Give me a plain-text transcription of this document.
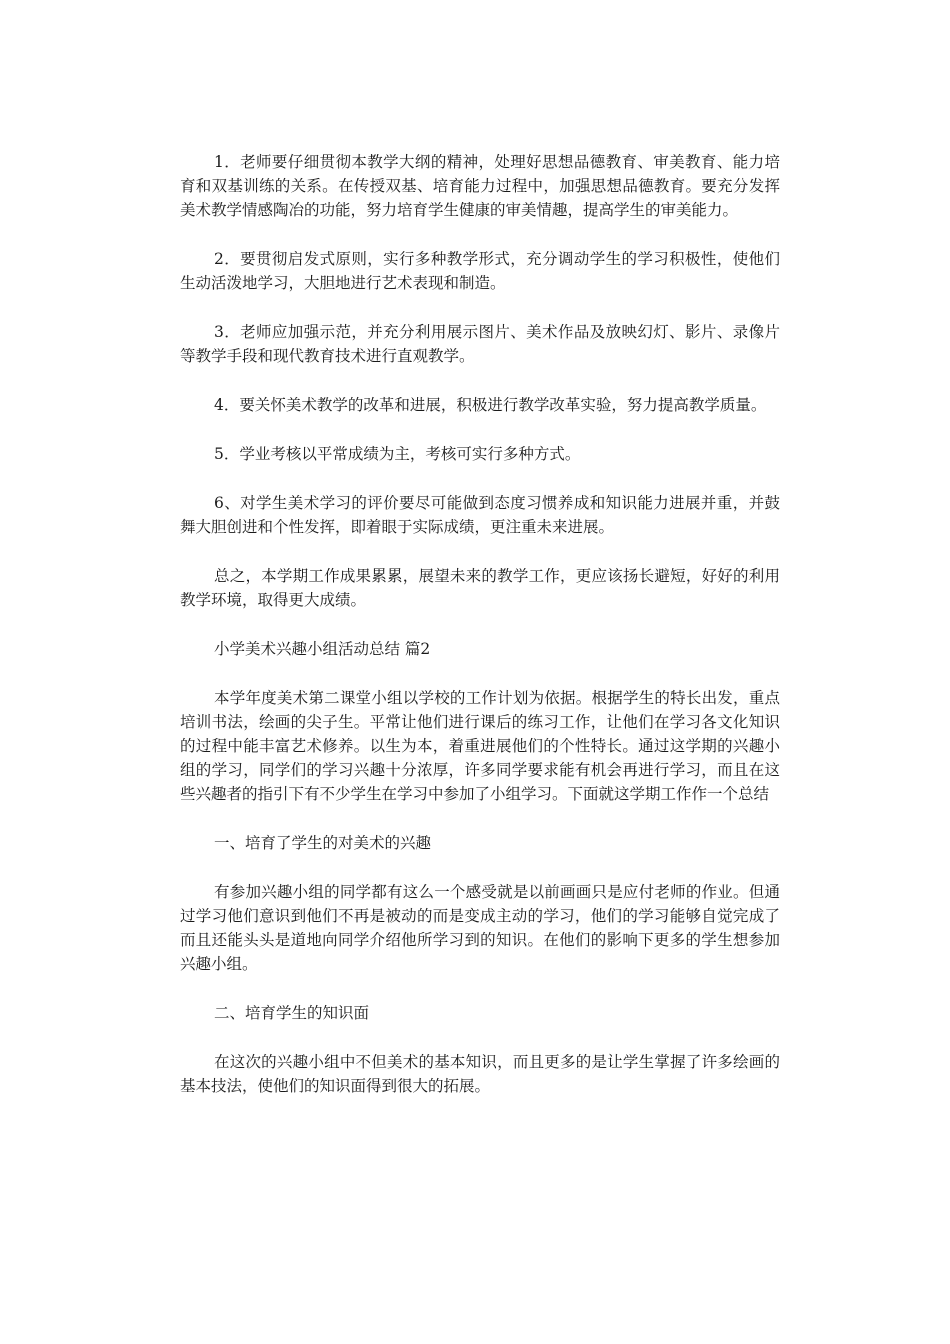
1．老师要仔细贯彻本教学大纲的精神，处理好思想品德教育、审美教育、能力培育和双基训练的关系。在传授双基、培育能力过程中，加强思想品德教育。要充分发挥美术教学情感陶冶的功能，努力培育学生健康的审美情趣，提高学生的审美能力。

2．要贯彻启发式原则，实行多种教学形式，充分调动学生的学习积极性，使他们生动活泼地学习，大胆地进行艺术表现和制造。

3．老师应加强示范，并充分利用展示图片、美术作品及放映幻灯、影片、录像片等教学手段和现代教育技术进行直观教学。

4．要关怀美术教学的改革和进展，积极进行教学改革实验，努力提高教学质量。

5．学业考核以平常成绩为主，考核可实行多种方式。

6、对学生美术学习的评价要尽可能做到态度习惯养成和知识能力进展并重，并鼓舞大胆创进和个性发挥，即着眼于实际成绩，更注重未来进展。

总之，本学期工作成果累累，展望未来的教学工作，更应该扬长避短，好好的利用教学环境，取得更大成绩。

小学美术兴趣小组活动总结 篇2

本学年度美术第二课堂小组以学校的工作计划为依据。根据学生的特长出发，重点培训书法，绘画的尖子生。平常让他们进行课后的练习工作，让他们在学习各文化知识的过程中能丰富艺术修养。以生为本，着重进展他们的个性特长。通过这学期的兴趣小组的学习，同学们的学习兴趣十分浓厚，许多同学要求能有机会再进行学习，而且在这些兴趣者的指引下有不少学生在学习中参加了小组学习。下面就这学期工作作一个总结

一、培育了学生的对美术的兴趣

有参加兴趣小组的同学都有这么一个感受就是以前画画只是应付老师的作业。但通过学习他们意识到他们不再是被动的而是变成主动的学习，他们的学习能够自觉完成了而且还能头头是道地向同学介绍他所学习到的知识。在他们的影响下更多的学生想参加兴趣小组。

二、培育学生的知识面

在这次的兴趣小组中不但美术的基本知识，而且更多的是让学生掌握了许多绘画的基本技法，使他们的知识面得到很大的拓展。
